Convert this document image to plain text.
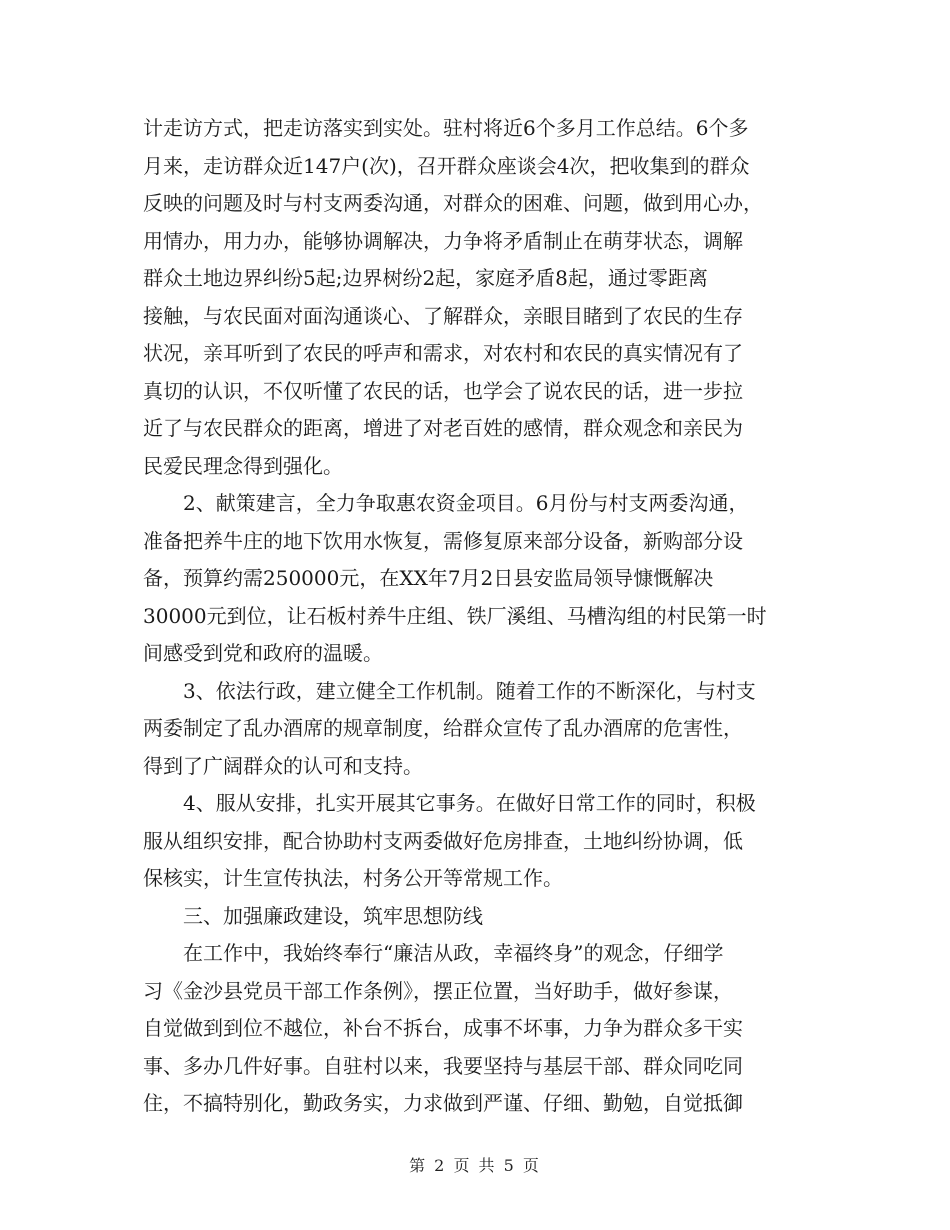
计走访方式，把走访落实到实处。驻村将近6个多月工作总结。6个多
月来，走访群众近147户(次)，召开群众座谈会4次，把收集到的群众
反映的问题及时与村支两委沟通，对群众的困难、问题，做到用心办，
用情办，用力办，能够协调解决，力争将矛盾制止在萌芽状态，调解
群众土地边界纠纷5起;边界树纷2起，家庭矛盾8起，通过零距离
接触，与农民面对面沟通谈心、了解群众，亲眼目睹到了农民的生存
状况，亲耳听到了农民的呼声和需求，对农村和农民的真实情况有了
真切的认识，不仅听懂了农民的话，也学会了说农民的话，进一步拉
近了与农民群众的距离，增进了对老百姓的感情，群众观念和亲民为
民爱民理念得到强化。
　　2、献策建言，全力争取惠农资金项目。6月份与村支两委沟通，
准备把养牛庄的地下饮用水恢复，需修复原来部分设备，新购部分设
备，预算约需250000元，在XX年7月2日县安监局领导慷慨解决
30000元到位，让石板村养牛庄组、铁厂溪组、马槽沟组的村民第一时
间感受到党和政府的温暖。
　　3、依法行政，建立健全工作机制。随着工作的不断深化，与村支
两委制定了乱办酒席的规章制度，给群众宣传了乱办酒席的危害性，
得到了广阔群众的认可和支持。
　　4、服从安排，扎实开展其它事务。在做好日常工作的同时，积极
服从组织安排，配合协助村支两委做好危房排查，土地纠纷协调，低
保核实，计生宣传执法，村务公开等常规工作。
　　三、加强廉政建设，筑牢思想防线
　　在工作中，我始终奉行“廉洁从政，幸福终身”的观念，仔细学
习《金沙县党员干部工作条例》，摆正位置，当好助手，做好参谋，
自觉做到到位不越位，补台不拆台，成事不坏事，力争为群众多干实
事、多办几件好事。自驻村以来，我要坚持与基层干部、群众同吃同
住，不搞特别化，勤政务实，力求做到严谨、仔细、勤勉，自觉抵御
第 2 页 共 5 页
